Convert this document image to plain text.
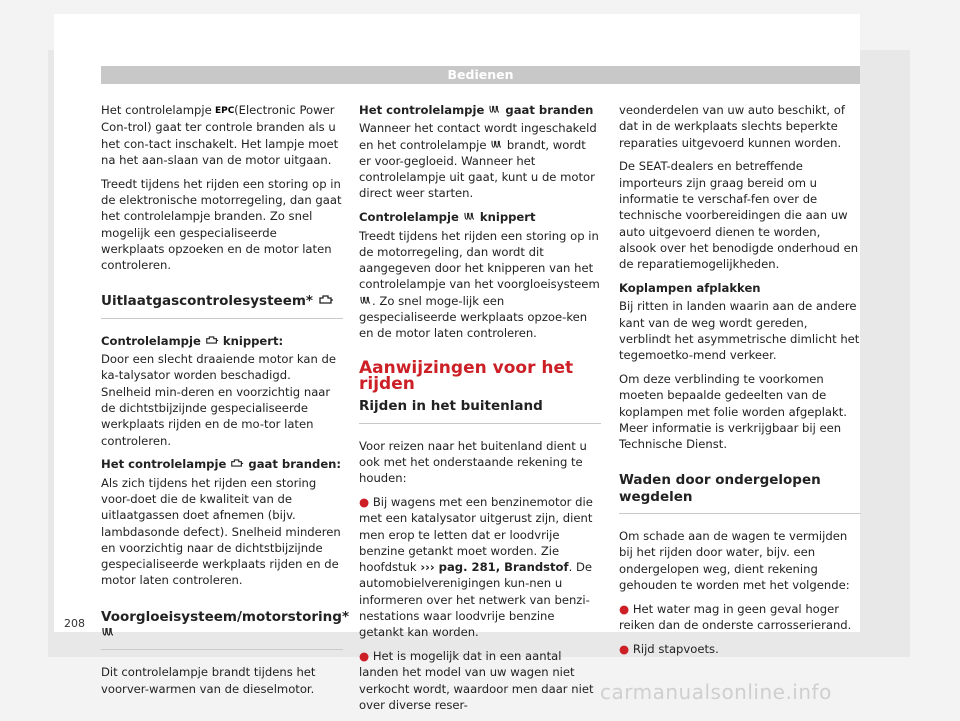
Bedienen

Het controlelampje EPC
(Electronic Power Con-trol) gaat ter controle branden als u het con-tact inschakelt. Het lampje moet na het aan-slaan van de motor uitgaan.

Treedt tijdens het rijden een storing op in de elektronische motorregeling, dan gaat het controlelampje branden. Zo snel mogelijk een gespecialiseerde werkplaats opzoeken en de motor laten controleren.

Uitlaatgascontrolesysteem*

Controlelampje  knippert:

Door een slecht draaiende motor kan de ka-talysator worden beschadigd. Snelheid min-deren en voorzichtig naar de dichtstbijzijnde gespecialiseerde werkplaats rijden en de mo-tor laten controleren.

Het controlelampje  gaat branden:

Als zich tijdens het rijden een storing voor-doet die de kwaliteit van de uitlaatgassen doet afnemen (bijv. lambdasonde defect). Snelheid minderen en voorzichtig naar de dichtstbijzijnde gespecialiseerde werkplaats rijden en de motor laten controleren.

Voorgloeisysteem/motorstoring*

Dit controlelampje brandt tijdens het voorver-warmen van de dieselmotor.

Het controlelampje  gaat branden

Wanneer het contact wordt ingeschakeld en het controlelampje  brandt, wordt er voor-gegloeid. Wanneer het controlelampje uit gaat, kunt u de motor direct weer starten.

Controlelampje  knippert

Treedt tijdens het rijden een storing op in de motorregeling, dan wordt dit aangegeven door het knipperen van het controlelampje van het voorgloeisysteem . Zo snel moge-lijk een gespecialiseerde werkplaats opzoe-ken en de motor laten controleren.

Aanwijzingen voor het rijden
Rijden in het buitenland

Voor reizen naar het buitenland dient u ook met het onderstaande rekening te houden:

● Bij wagens met een benzinemotor die met een katalysator uitgerust zijn, dient men erop te letten dat er loodvrije benzine getankt moet worden. Zie hoofdstuk ››› pag. 281, Brandstof. De automobielverenigingen kun-nen u informeren over het netwerk van benzi-nestations waar loodvrije benzine getankt kan worden.

● Het is mogelijk dat in een aantal landen het model van uw wagen niet verkocht wordt, waardoor men daar niet over diverse reser-

veonderdelen van uw auto beschikt, of dat in de werkplaats slechts beperkte reparaties uitgevoerd kunnen worden.

De SEAT-dealers en betreffende importeurs zijn graag bereid om u informatie te verschaf-fen over de technische voorbereidingen die aan uw auto uitgevoerd dienen te worden, alsook over het benodigde onderhoud en de reparatiemogelijkheden.

Koplampen afplakken

Bij ritten in landen waarin aan de andere kant van de weg wordt gereden, verblindt het asymmetrische dimlicht het tegemoetko-mend verkeer.

Om deze verblinding te voorkomen moeten bepaalde gedeelten van de koplampen met folie worden afgeplakt. Meer informatie is verkrijgbaar bij een Technische Dienst.

Waden door ondergelopen wegdelen

Om schade aan de wagen te vermijden bij het rijden door water, bijv. een ondergelopen weg, dient rekening gehouden te worden met het volgende:

● Het water mag in geen geval hoger reiken dan de onderste carrosserierand.

● Rijd stapvoets.

208
carmanualsonline.info
